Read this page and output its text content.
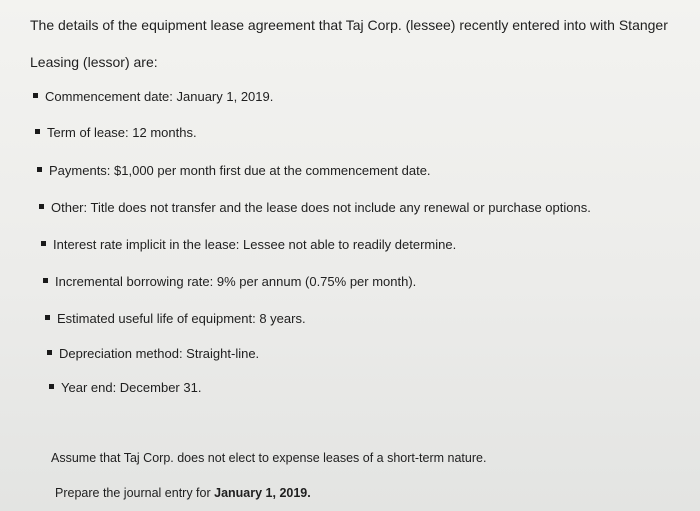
The details of the equipment lease agreement that Taj Corp. (lessee) recently entered into with Stanger Leasing (lessor) are:

Commencement date: January 1, 2019.
Term of lease: 12 months.
Payments: $1,000 per month first due at the commencement date.
Other: Title does not transfer and the lease does not include any renewal or purchase options.
Interest rate implicit in the lease: Lessee not able to readily determine.
Incremental borrowing rate: 9% per annum (0.75% per month).
Estimated useful life of equipment: 8 years.
Depreciation method: Straight-line.
Year end: December 31.

Assume that Taj Corp. does not elect to expense leases of a short-term nature.

Prepare the journal entry for January 1, 2019.
